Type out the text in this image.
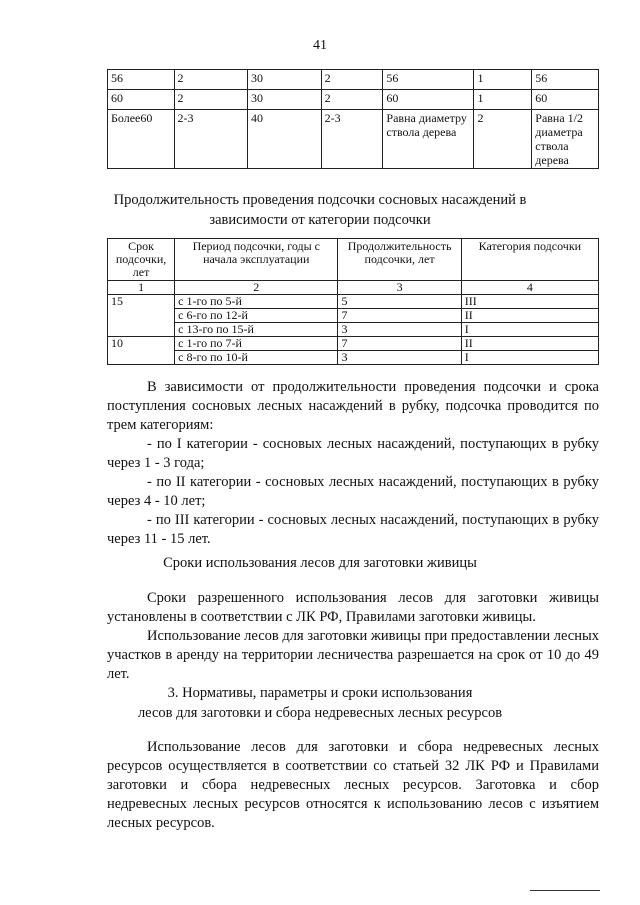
41
56	2	30	2	56	1	56
60	2	30	2	60	1	60
Более60	2-3	40	2-3	Равна диаметру ствола дерева	2	Равна 1/2 диаметра ствола дерева
Продолжительность проведения подсочки сосновых насаждений в
зависимости от категории подсочки
Срок подсочки, лет	Период подсочки, годы с начала эксплуатации	Продолжительность подсочки, лет	Категория подсочки
1	2	3	4
15	с 1-го по 5-й	5	III
	с 6-го по 12-й	7	II
	с 13-го по 15-й	3	I
10	с 1-го по 7-й	7	II
	с 8-го по 10-й	3	I

В зависимости от продолжительности проведения подсочки и срока поступления сосновых лесных насаждений в рубку, подсочка проводится по трем категориям:

- по I категории - сосновых лесных насаждений, поступающих в рубку через 1 - 3 года;

- по II категории - сосновых лесных насаждений, поступающих в рубку через 4 - 10 лет;

- по III категории - сосновых лесных насаждений, поступающих в рубку через 11 - 15 лет.

Сроки использования лесов для заготовки живицы

Сроки разрешенного использования лесов для заготовки живицы установлены в соответствии с ЛК РФ, Правилами заготовки живицы.

Использование лесов для заготовки живицы при предоставлении лесных участков в аренду на территории лесничества разрешается на срок от 10 до 49 лет.

3. Нормативы, параметры и сроки использования
лесов для заготовки и сбора недревесных лесных ресурсов

Использование лесов для заготовки и сбора недревесных лесных ресурсов осуществляется в соответствии со статьей 32 ЛК РФ и Правилами заготовки и сбора недревесных лесных ресурсов. Заготовка и сбор недревесных лесных ресурсов относятся к использованию лесов с изъятием лесных ресурсов.
